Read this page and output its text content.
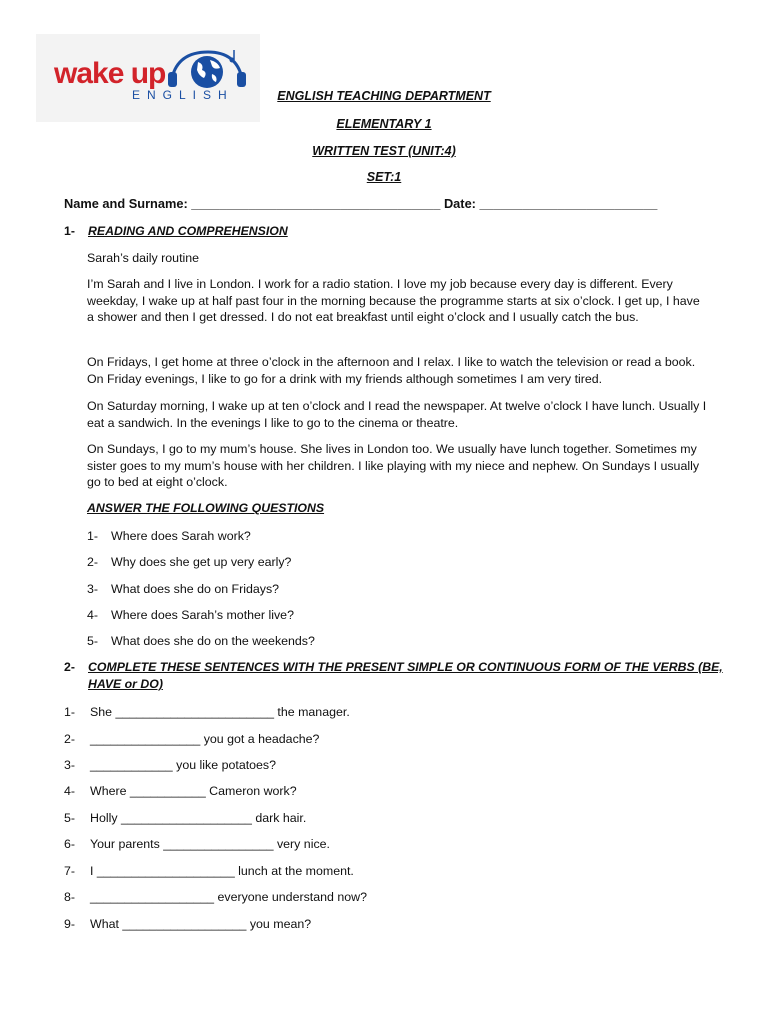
wake up
ENGLISH	ENGLISH TEACHING DEPARTMENT
ELEMENTARY 1
WRITTEN TEST (UNIT:4)
SET:1
Name and Surname: ___________________________________ Date: _________________________
1- READING AND COMPREHENSION
Sarah’s daily routine
I’m Sarah and I live in London. I work for a radio station. I love my job because every day is different. Every weekday, I wake up at half past four in the morning because the programme starts at six o’clock. I get up, I have a shower and then I get dressed. I do not eat breakfast until eight o’clock and I usually catch the bus.
On Fridays, I get home at three o’clock in the afternoon and I relax. I like to watch the television or read a book. On Friday evenings, I like to go for a drink with my friends although sometimes I am very tired.
On Saturday morning, I wake up at ten o’clock and I read the newspaper. At twelve o’clock I have lunch. Usually I eat a sandwich. In the evenings I like to go to the cinema or theatre.
On Sundays, I go to my mum’s house. She lives in London too. We usually have lunch together. Sometimes my sister goes to my mum’s house with her children. I like playing with my niece and nephew. On Sundays I usually go to bed at eight o’clock.
ANSWER THE FOLLOWING QUESTIONS
1- Where does Sarah work?
2- Why does she get up very early?
3- What does she do on Fridays?
4- Where does Sarah’s mother live?
5- What does she do on the weekends?
2- COMPLETE THESE SENTENCES WITH THE PRESENT SIMPLE OR CONTINUOUS FORM OF THE VERBS (BE,
HAVE or DO)
1- She _______________________ the manager.
2- ________________ you got a headache?
3- ____________ you like potatoes?
4- Where ___________ Cameron work?
5- Holly ___________________ dark hair.
6- Your parents ________________ very nice.
7- I ____________________ lunch at the moment.
8- __________________ everyone understand now?
9- What __________________ you mean?
